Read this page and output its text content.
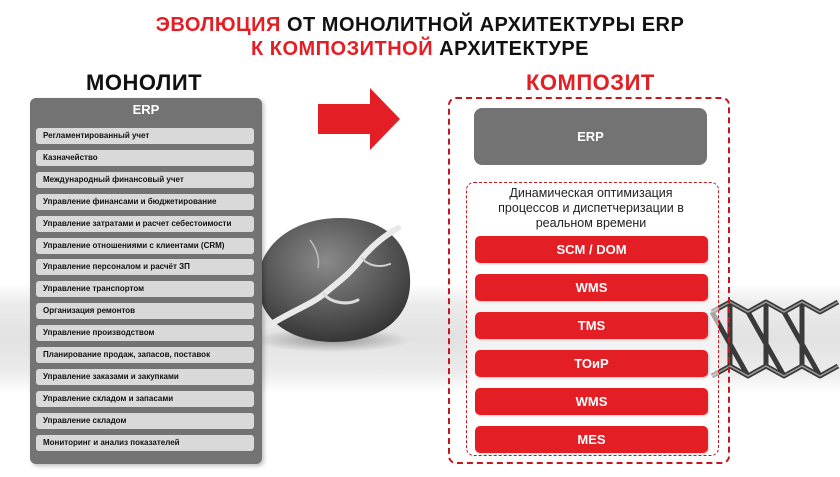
ЭВОЛЮЦИЯ ОТ МОНОЛИТНОЙ АРХИТЕКТУРЫ ERP
К КОМПОЗИТНОЙ АРХИТЕКТУРЕ
МОНОЛИТ	КОМПОЗИТ
ERP
Регламентированный учет
Казначейство
Международный финансовый учет
Управление финансами и бюджетирование
Управление затратами и расчет себестоимости
Управление отношениями с клиентами (CRM)
Управление персоналом и расчёт ЗП
Управление транспортом
Организация ремонтов
Управление производством
Планирование продаж, запасов, поставок
Управление заказами и закупками
Управление складом и запасами
Управление складом
Мониторинг и анализ показателей
ERP
Динамическая оптимизация процессов и диспетчеризации в реальном времени
SCM / DOM
WMS
TMS
ТОиР
WMS
MES
